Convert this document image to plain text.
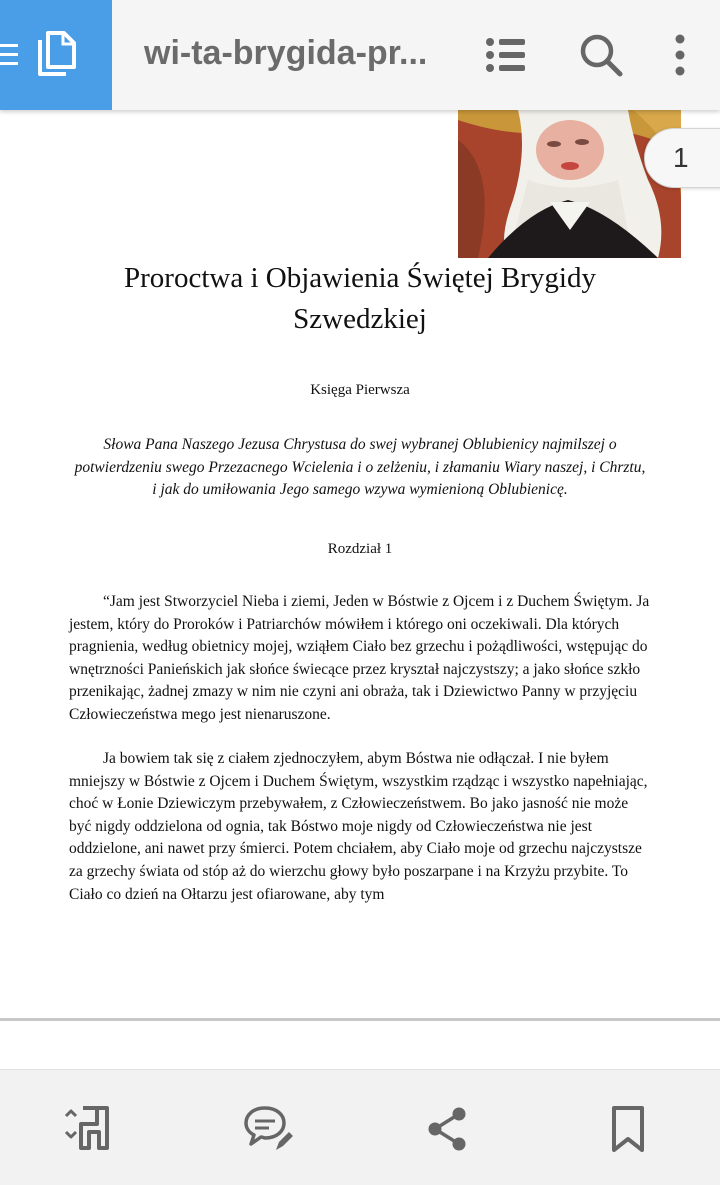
wi-ta-brygida-pr...
1
Proroctwa i Objawienia Świętej Brygidy Szwedzkiej
Księga Pierwsza
Słowa Pana Naszego Jezusa Chrystusa do swej wybranej Oblubienicy najmilszej o potwierdzeniu swego Przezacnego Wcielenia i o zelżeniu, i złamaniu Wiary naszej, i Chrztu, i jak do umiłowania Jego samego wzywa wymienioną Oblubienicę.
Rozdział 1
“Jam jest Stworzyciel Nieba i ziemi, Jeden w Bóstwie z Ojcem i z Duchem Świętym. Ja jestem, który do Proroków i Patriarchów mówiłem i którego oni oczekiwali. Dla których pragnienia, według obietnicy mojej, wziąłem Ciało bez grzechu i pożądliwości, wstępując do wnętrzności Panieńskich jak słońce świecące przez kryształ najczystszy; a jako słońce szkło przenikając, żadnej zmazy w nim nie czyni ani obraża, tak i Dziewictwo Panny w przyjęciu Człowieczeństwa mego jest nienaruszone.
Ja bowiem tak się z ciałem zjednoczyłem, abym Bóstwa nie odłączał. I nie byłem mniejszy w Bóstwie z Ojcem i Duchem Świętym, wszystkim rządząc i wszystko napełniając, choć w Łonie Dziewiczym przebywałem, z Człowieczeństwem. Bo jako jasność nie może być nigdy oddzielona od ognia, tak Bóstwo moje nigdy od Człowieczeństwa nie jest oddzielone, ani nawet przy śmierci. Potem chciałem, aby Ciało moje od grzechu najczystsze za grzechy świata od stóp aż do wierzchu głowy było poszarpane i na Krzyżu przybite. To Ciało co dzień na Ołtarzu jest ofiarowane, aby tym
